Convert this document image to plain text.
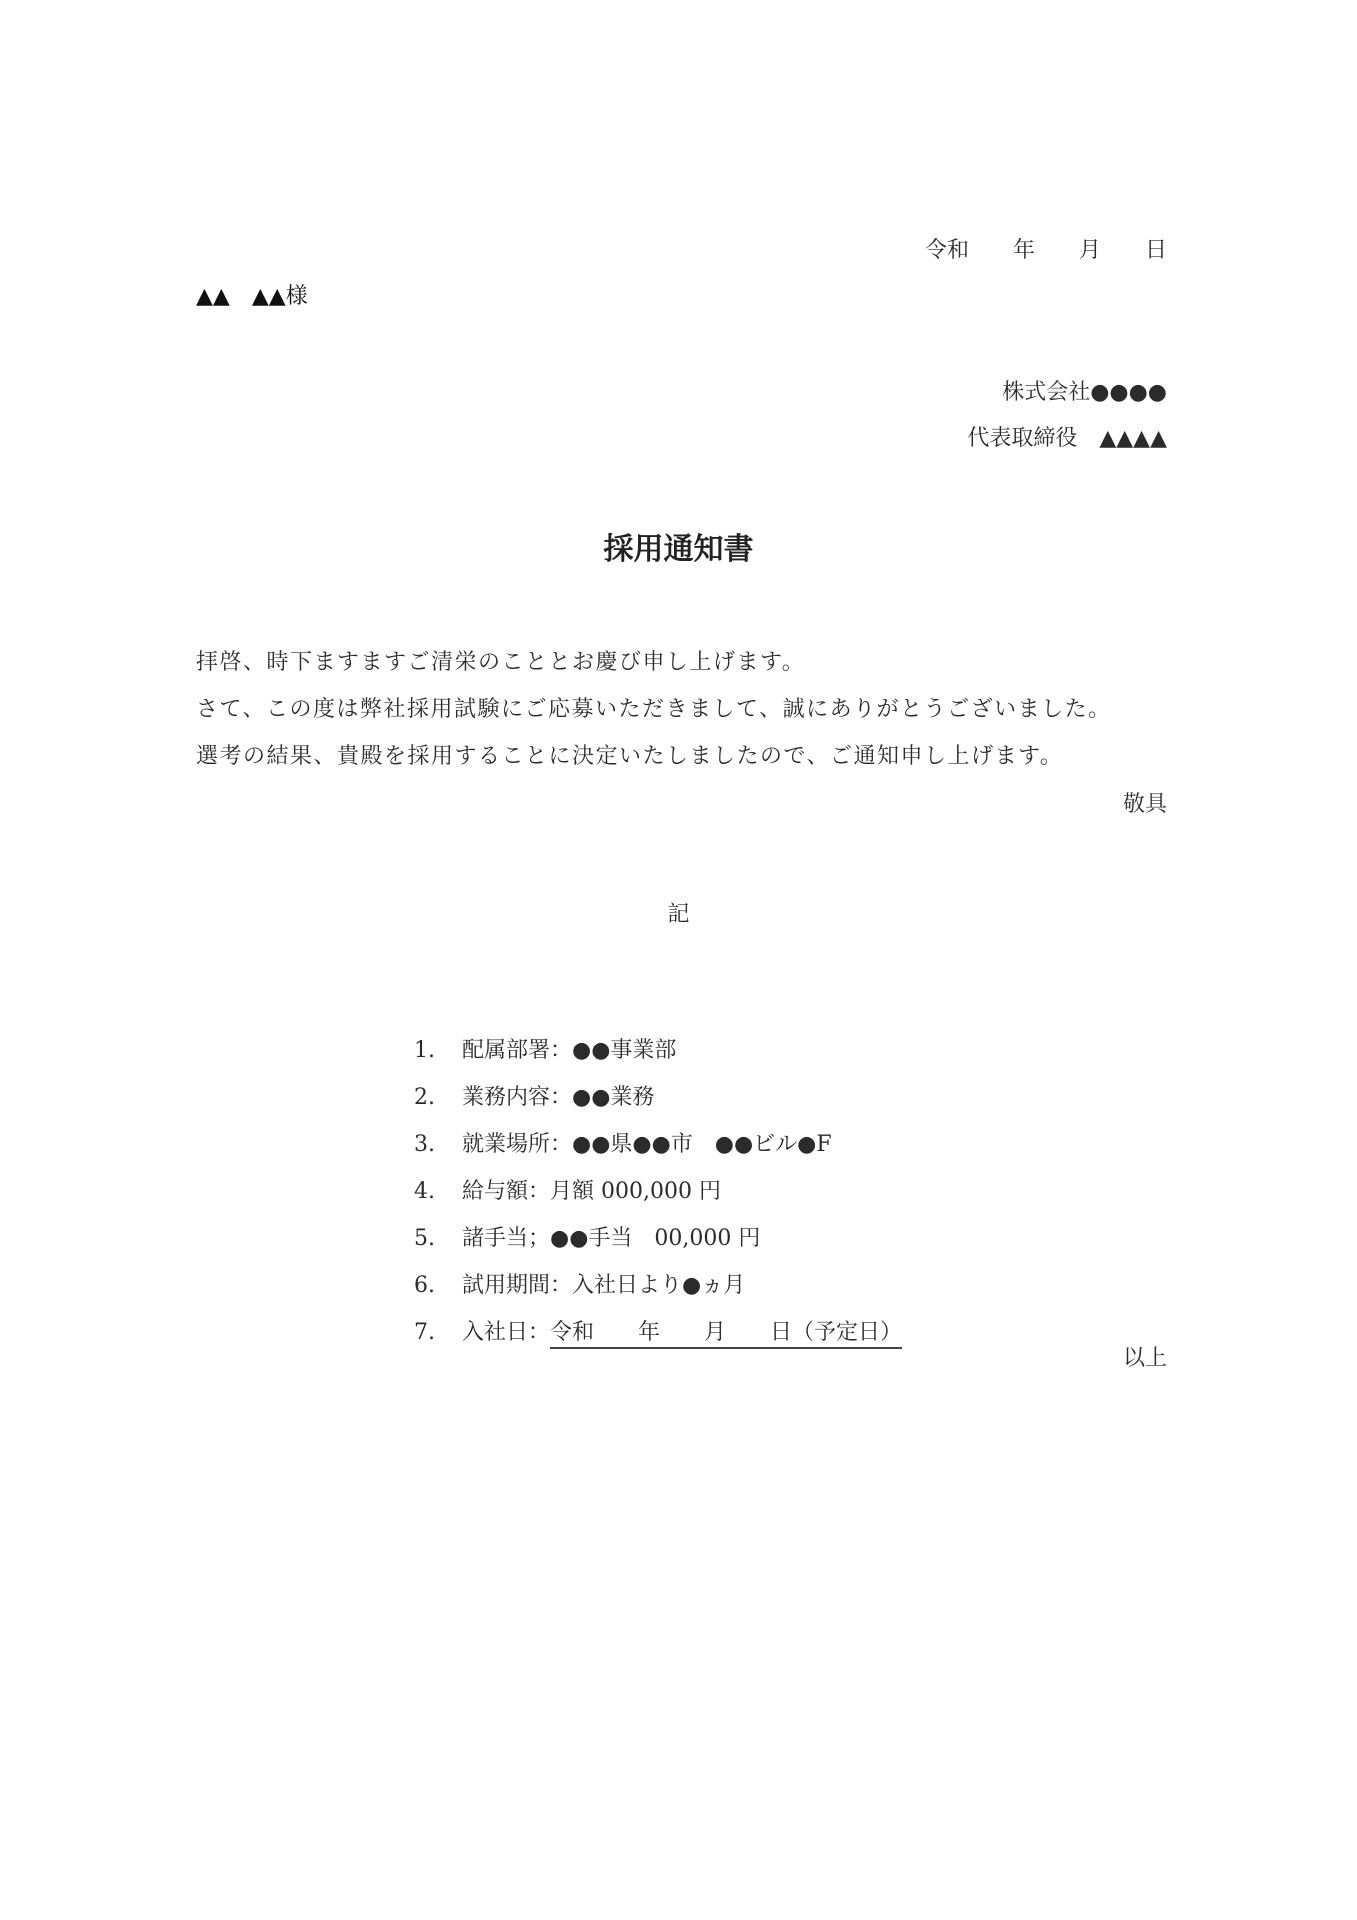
令和　　年　　月　　日
▲▲　▲▲様
株式会社●●●●
代表取締役　▲▲▲▲
採用通知書
拝啓、時下ますますご清栄のこととお慶び申し上げます。
さて、この度は弊社採用試験にご応募いただきまして、誠にありがとうございました。
選考の結果、貴殿を採用することに決定いたしましたので、ご通知申し上げます。
敬具
記

1. 配属部署：●●事業部

2. 業務内容：●●業務

3. 就業場所：●●県●●市　●●ビル●F

4. 給与額：月額 000,000 円

5. 諸手当；●●手当　00,000 円

6. 試用期間：入社日より●ヵ月

7. 入社日：令和　　年　　月　　日（予定日）

以上
